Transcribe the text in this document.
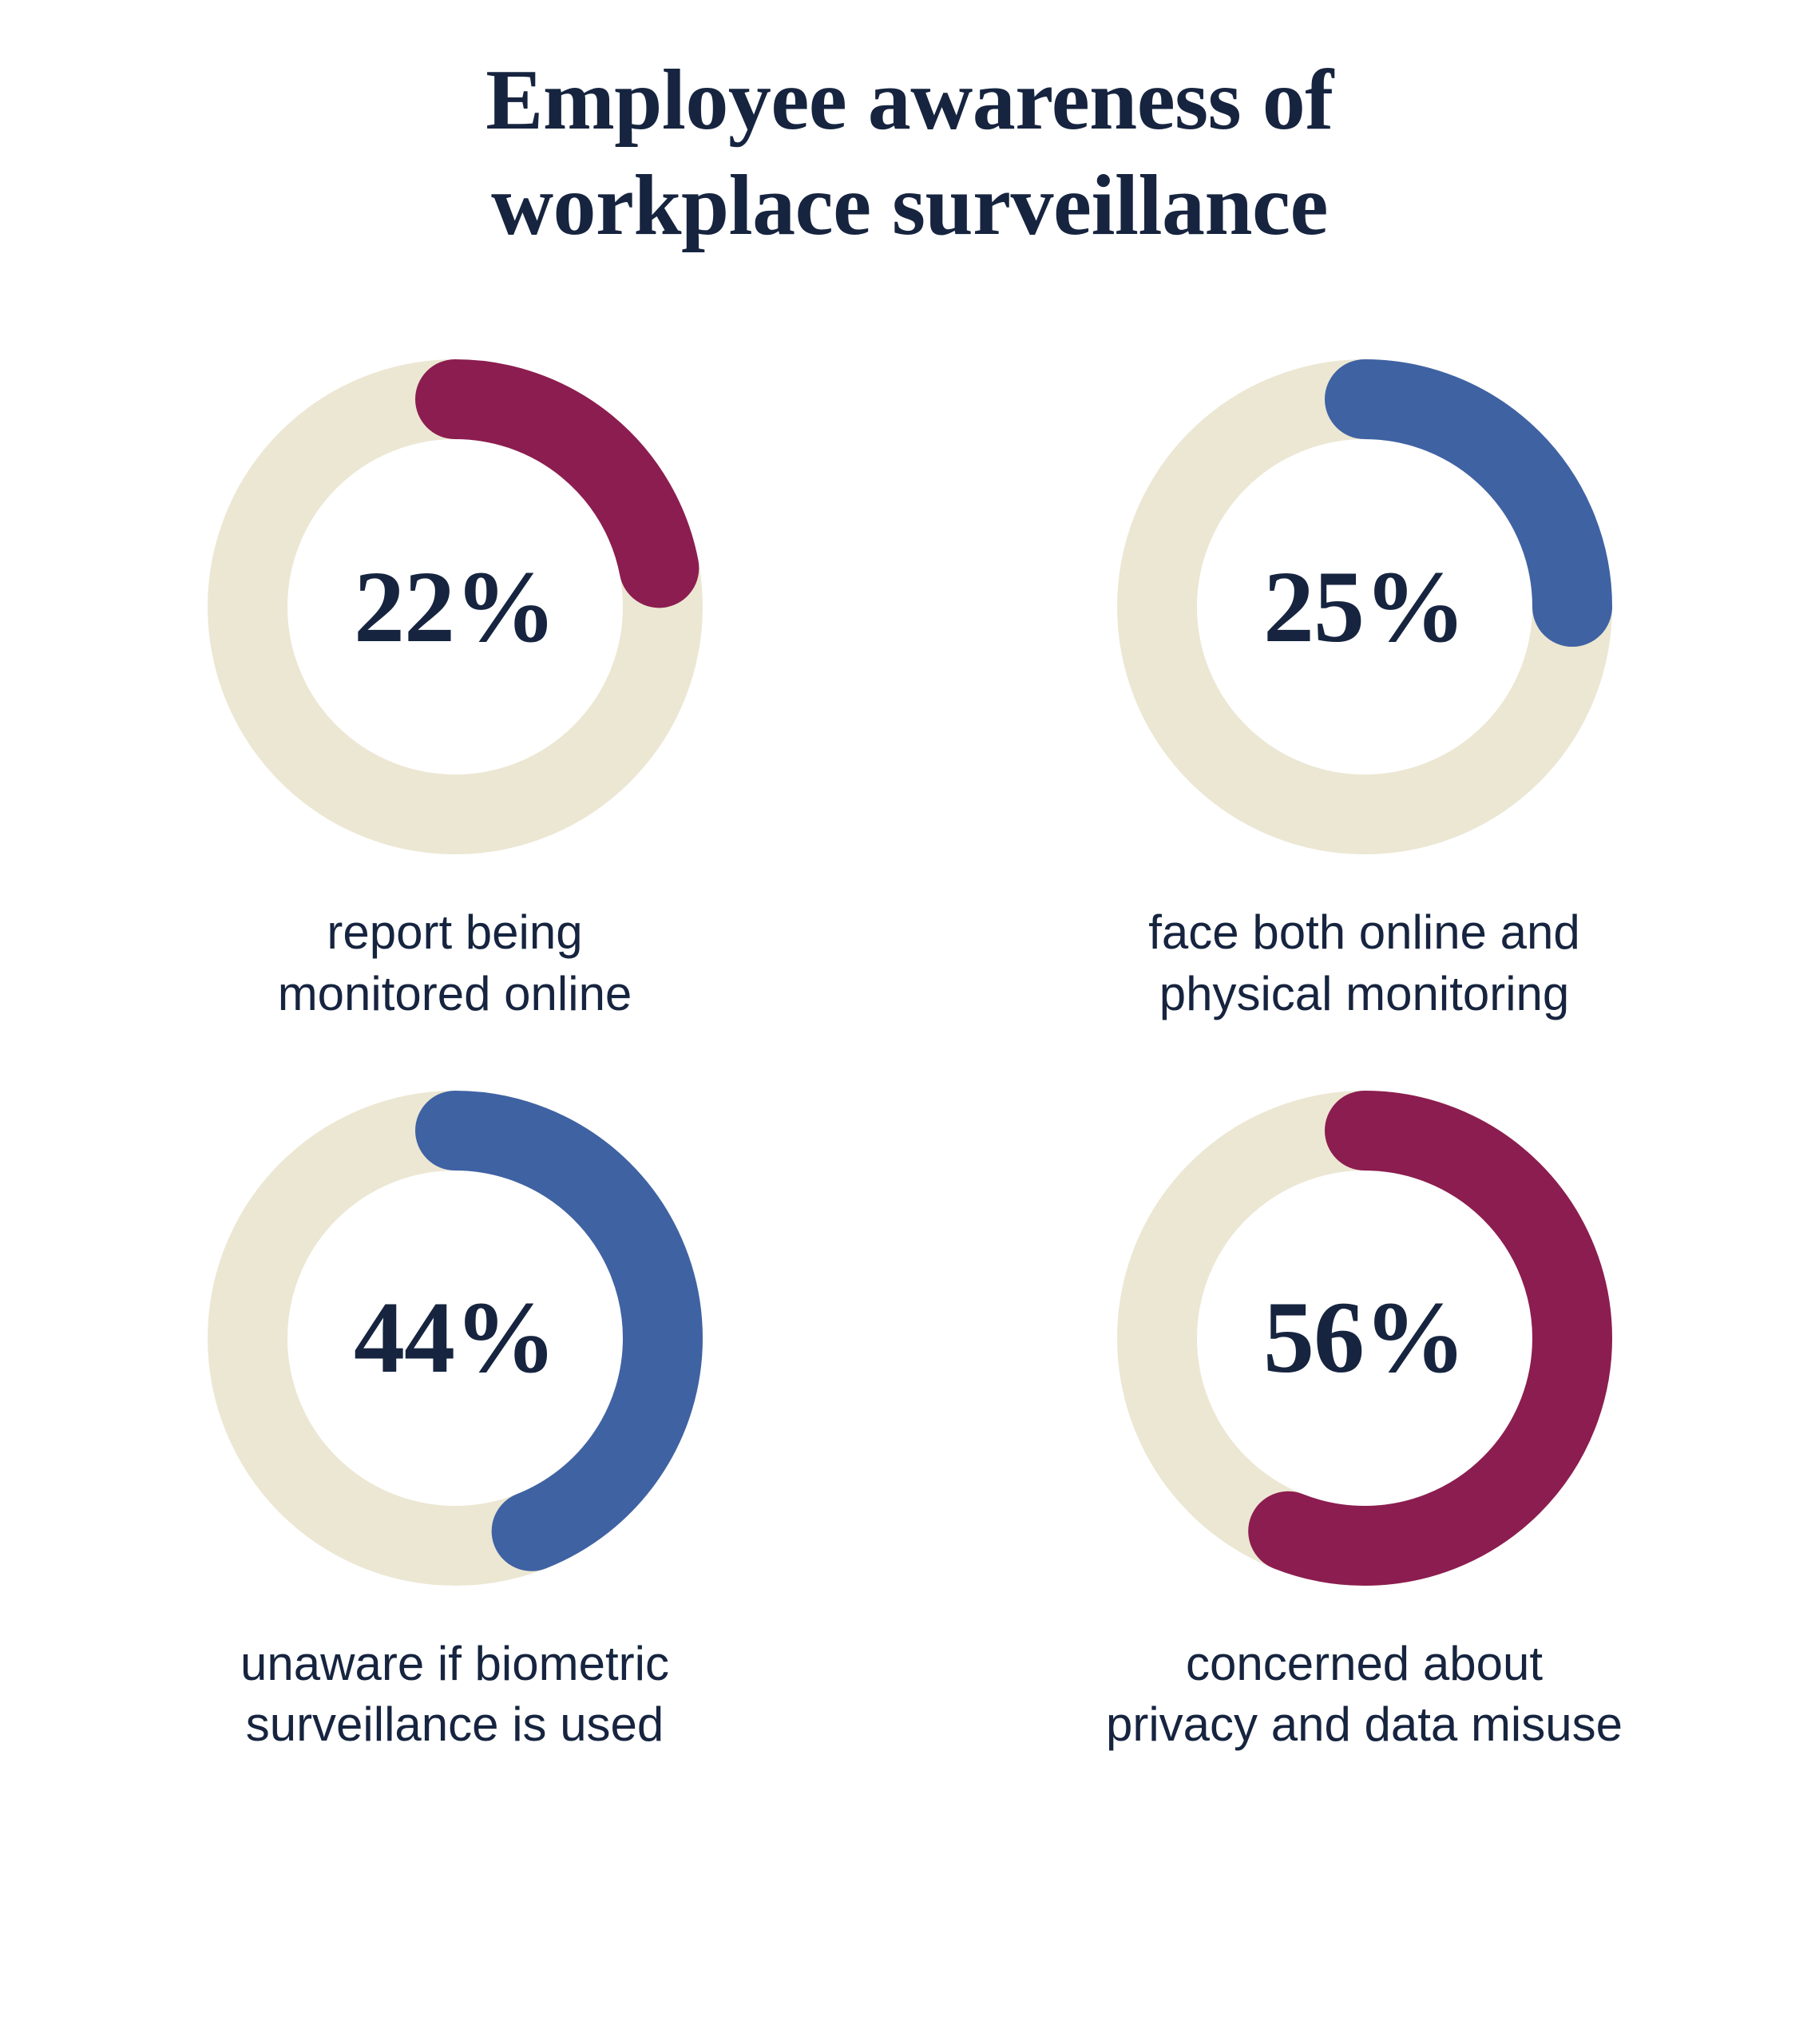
Employee awareness of
workplace surveillance
22%
report being
monitored online
25%
face both online and
physical monitoring
44%
unaware if biometric
surveillance is used
56%
concerned about
privacy and data misuse
